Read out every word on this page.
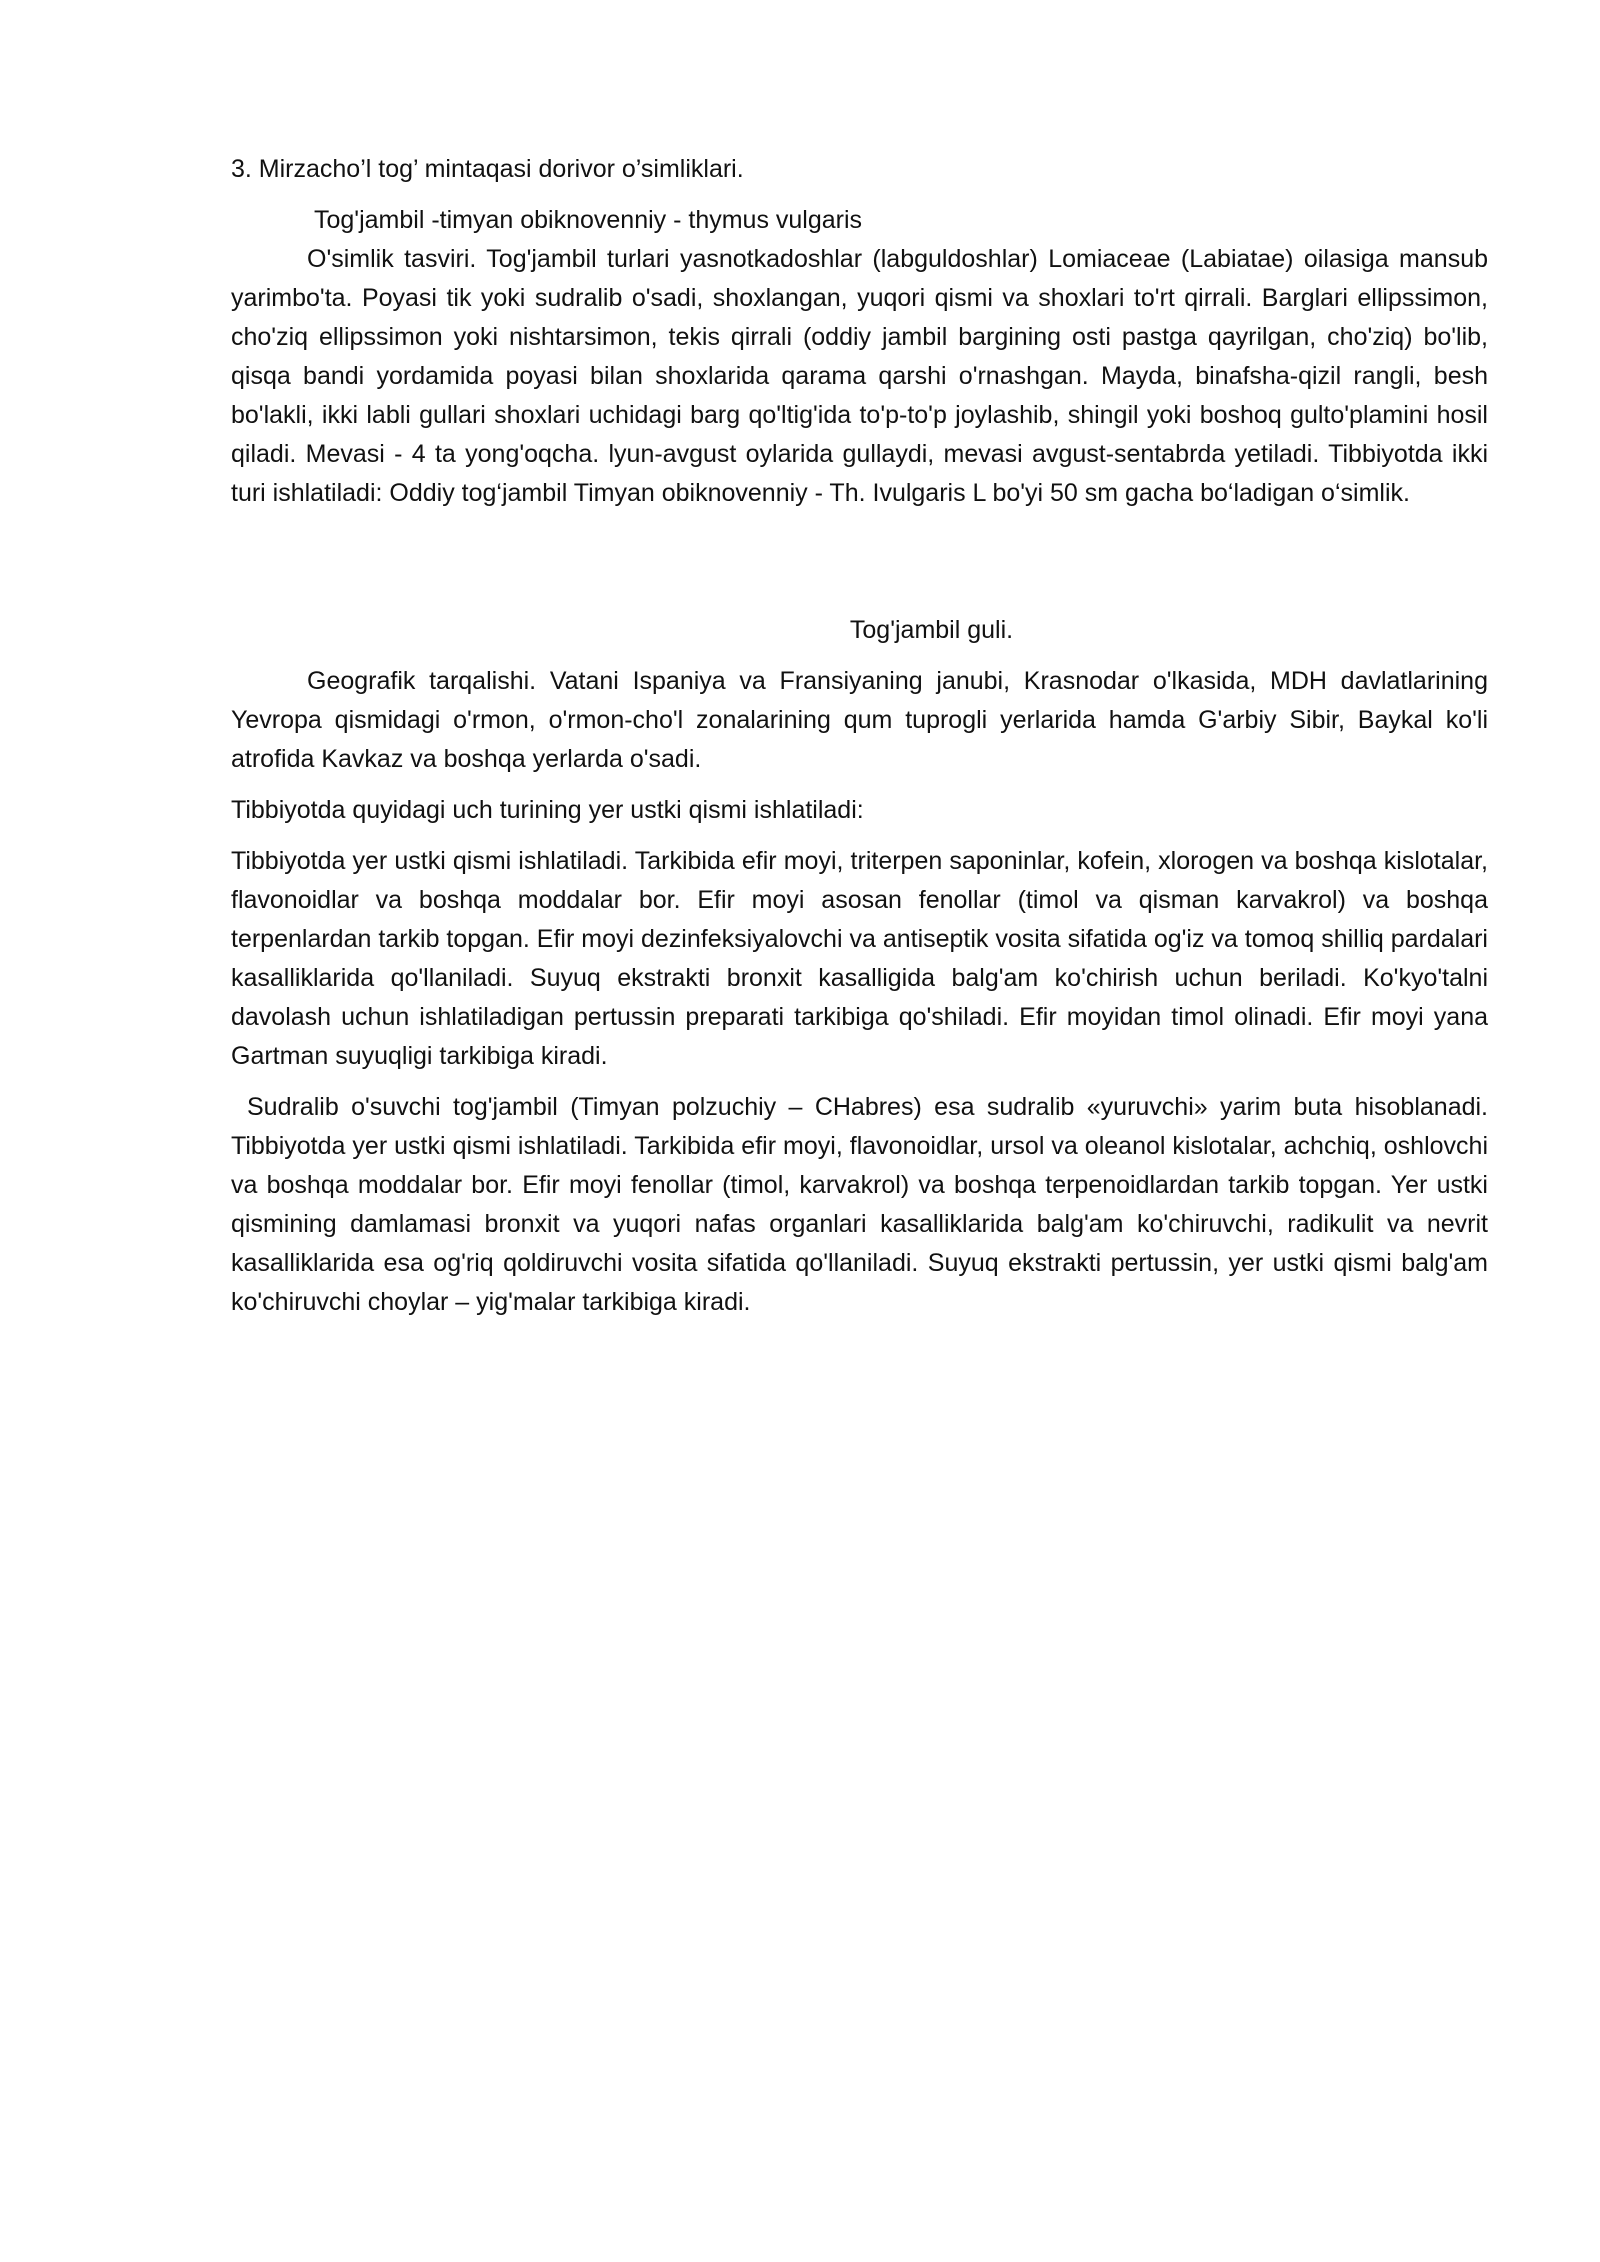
3. Mirzacho’l tog’ mintaqasi dorivor o’simliklari.

Tog'jambil -timyan obiknovenniy - thymus vulgaris

O'simlik tasviri. Tog'jambil turlari yasnotkadoshlar (labguldoshlar) Lomiaceae (Labiatae) oilasiga mansub yarimbo'ta. Poyasi tik yoki sudralib o'sadi, shoxlangan, yuqori qismi va shoxlari to'rt qirrali. Barglari ellipssimon, cho'ziq ellipssimon yoki nishtarsimon, tekis qirrali (oddiy jambil bargining osti pastga qayrilgan, cho'ziq) bo'lib, qisqa bandi yordamida poyasi bilan shoxlarida qarama qarshi o'rnashgan. Mayda, binafsha-qizil rangli, besh bo'lakli, ikki labli gullari shoxlari uchidagi barg qo'ltig'ida to'p-to'p joylashib, shingil yoki boshoq gulto'plamini hosil qiladi. Mevasi - 4 ta yong'oqcha. lyun-avgust oylarida gullaydi, mevasi avgust-sentabrda yetiladi. Tibbiyotda ikki turi ishlatiladi: Oddiy tog‘jambil Timyan obiknovenniy - Th. Ivulgaris L bo'yi 50 sm gacha bo‘ladigan o‘simlik.

Tog'jambil guli.

Geografik tarqalishi. Vatani Ispaniya va Fransiyaning janubi, Krasnodar o'lkasida, MDH davlatlarining Yevropa qismidagi o'rmon, o'rmon-cho'l zonalarining qum tuprogli yerlarida hamda G'arbiy Sibir, Baykal ko'li atrofida Kavkaz va boshqa yerlarda o'sadi.

Tibbiyotda quyidagi uch turining yer ustki qismi ishlatiladi:

Tibbiyotda yer ustki qismi ishlatiladi. Tarkibida efir moyi, triterpen saponinlar, kofein, xlorogen va boshqa kislotalar, flavonoidlar va boshqa moddalar bor. Efir moyi asosan fenollar (timol va qisman karvakrol) va boshqa terpenlardan tarkib topgan. Efir moyi dezinfeksiyalovchi va antiseptik vosita sifatida og'iz va tomoq shilliq pardalari kasalliklarida qo'llaniladi. Suyuq ekstrakti bronxit kasalligida balg'am ko'chirish uchun beriladi. Ko'kyo'talni davolash uchun ishlatiladigan pertussin preparati tarkibiga qo'shiladi. Efir moyidan timol olinadi. Efir moyi yana Gartman suyuqligi tarkibiga kiradi.

Sudralib o'suvchi tog'jambil (Timyan polzuchiy – CHabres) esa sudralib «yuruvchi» yarim buta hisoblanadi. Tibbiyotda yer ustki qismi ishlatiladi. Tarkibida efir moyi, flavonoidlar, ursol va oleanol kislotalar, achchiq, oshlovchi va boshqa moddalar bor. Efir moyi fenollar (timol, karvakrol) va boshqa terpenoidlardan tarkib topgan. Yer ustki qismining damlamasi bronxit va yuqori nafas organlari kasalliklarida balg'am ko'chiruvchi, radikulit va nevrit kasalliklarida esa og'riq qoldiruvchi vosita sifatida qo'llaniladi. Suyuq ekstrakti pertussin, yer ustki qismi balg'am ko'chiruvchi choylar – yig'malar tarkibiga kiradi.
